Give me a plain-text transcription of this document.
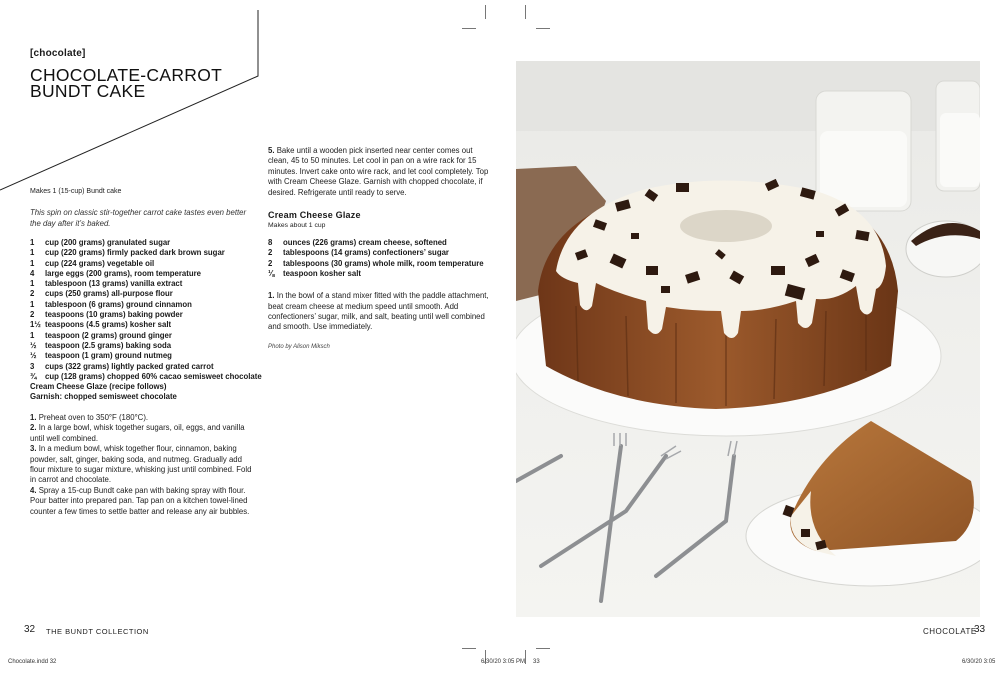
[chocolate]
CHOCOLATE-CARROT
BUNDT CAKE
Makes 1 (15-cup) Bundt cake
This spin on classic stir-together carrot cake tastes even better the day after it’s baked.
1	cup (200 grams) granulated sugar
1	cup (220 grams) firmly packed dark brown sugar
1	cup (224 grams) vegetable oil
4	large eggs (200 grams), room temperature
1	tablespoon (13 grams) vanilla extract
2	cups (250 grams) all-purpose flour
1	tablespoon (6 grams) ground cinnamon
2	teaspoons (10 grams) baking powder
1½ teaspoons (4.5 grams) kosher salt
1	teaspoon (2 grams) ground ginger
½	teaspoon (2.5 grams) baking soda
½	teaspoon (1 gram) ground nutmeg
3	cups (322 grams) lightly packed grated carrot
¾	cup (128 grams) chopped 60% cacao semisweet chocolate
Cream Cheese Glaze (recipe follows)
Garnish: chopped semisweet chocolate

1. Preheat oven to 350°F (180°C).

2. In a large bowl, whisk together sugars, oil, eggs, and vanilla until well combined.

3. In a medium bowl, whisk together flour, cinnamon, baking powder, salt, ginger, baking soda, and nutmeg. Gradually add flour mixture to sugar mixture, whisking just until combined. Fold in carrot and chocolate.

4. Spray a 15-cup Bundt cake pan with baking spray with flour. Pour batter into prepared pan. Tap pan on a kitchen towel-lined counter a few times to settle batter and release any air bubbles.

5. Bake until a wooden pick inserted near center comes out clean, 45 to 50 minutes. Let cool in pan on a wire rack for 15 minutes. Invert cake onto wire rack, and let cool completely. Top with Cream Cheese Glaze. Garnish with chopped chocolate, if desired. Refrigerate until ready to serve.

Cream Cheese Glaze
Makes about 1 cup
8	ounces (226 grams) cream cheese, softened
2	tablespoons (14 grams) confectioners’ sugar
2	tablespoons (30 grams) whole milk, room temperature
⅛	teaspoon kosher salt

1. In the bowl of a stand mixer fitted with the paddle attachment, beat cream cheese at medium speed until smooth. Add confectioners’ sugar, milk, and salt, beating until well combined and smooth. Use immediately.

Photo by Alison Miksch
32 THE BUNDT COLLECTION	CHOCOLATE
33
Chocolate.indd 32	6/30/20 3:05 PM 33	6/30/20 3:05
